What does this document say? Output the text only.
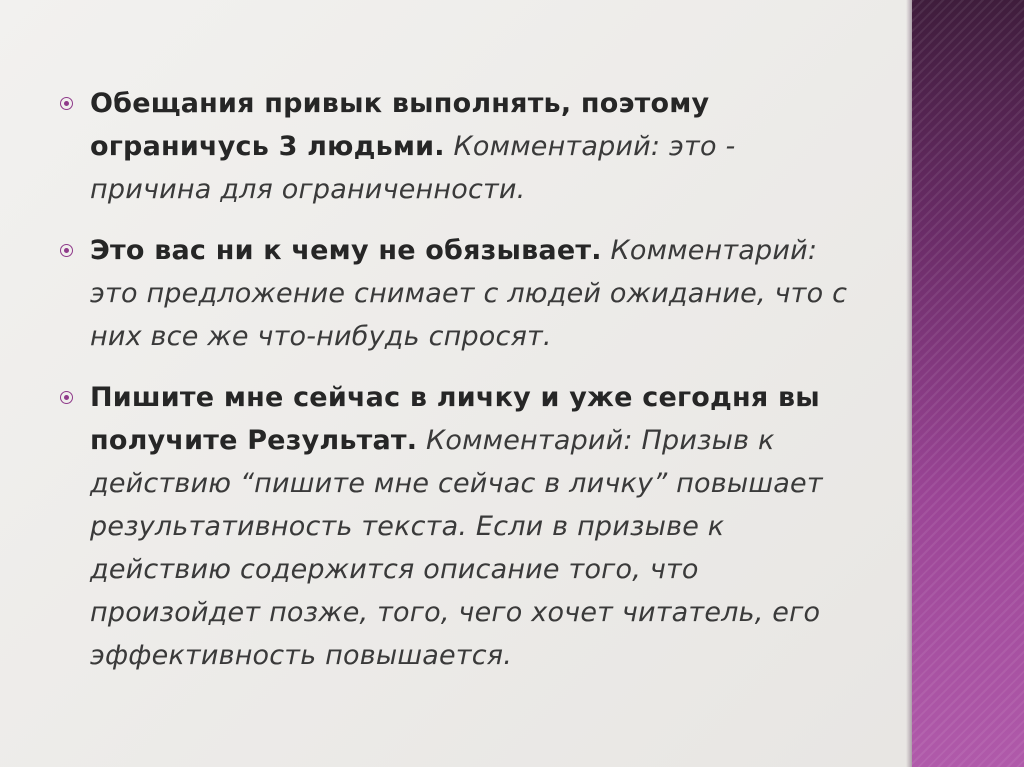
Обещания привык выполнять, поэтому ограничусь 3 людьми. Комментарий: это - причина для ограниченности.
Это вас ни к чему не обязывает. Комментарий: это предложение снимает с людей ожидание, что с них все же что-нибудь спросят.
Пишите мне сейчас в личку и уже сегодня вы получите Результат. Комментарий: Призыв к действию “пишите мне сейчас в личку” повышает результативность текста. Если в призыве к действию содержится описание того, что произойдет позже, того, чего хочет читатель, его эффективность повышается.
